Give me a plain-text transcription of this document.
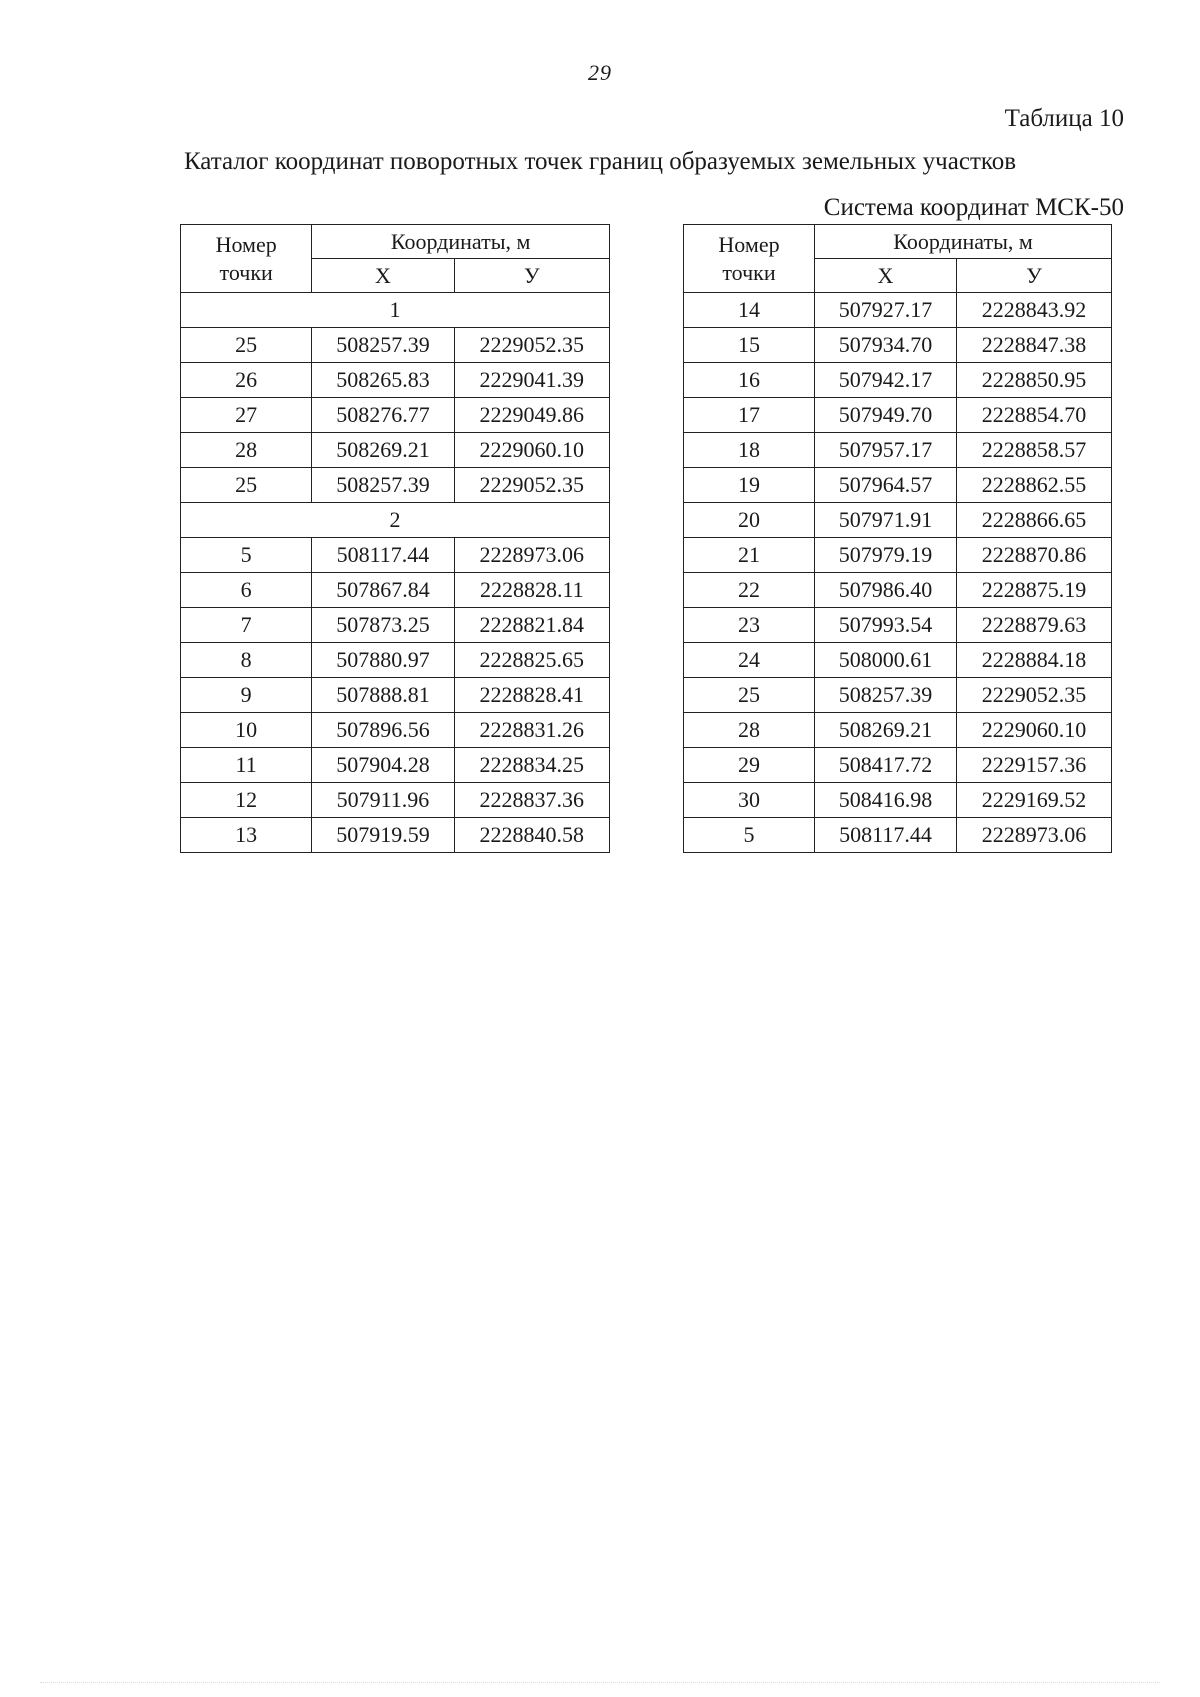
29
Таблица 10
Каталог координат поворотных точек границ образуемых земельных участков
Система координат МСК-50
Номер
точки	Координаты, м	
	X	У
1		
25	508257.39	2229052.35
26	508265.83	2229041.39
27	508276.77	2229049.86
28	508269.21	2229060.10
25	508257.39	2229052.35
2		
5	508117.44	2228973.06
6	507867.84	2228828.11
7	507873.25	2228821.84
8	507880.97	2228825.65
9	507888.81	2228828.41
10	507896.56	2228831.26
11	507904.28	2228834.25
12	507911.96	2228837.36
13	507919.59	2228840.58
Номер
точки	Координаты, м	
	X	У
14	507927.17	2228843.92
15	507934.70	2228847.38
16	507942.17	2228850.95
17	507949.70	2228854.70
18	507957.17	2228858.57
19	507964.57	2228862.55
20	507971.91	2228866.65
21	507979.19	2228870.86
22	507986.40	2228875.19
23	507993.54	2228879.63
24	508000.61	2228884.18
25	508257.39	2229052.35
28	508269.21	2229060.10
29	508417.72	2229157.36
30	508416.98	2229169.52
5	508117.44	2228973.06
